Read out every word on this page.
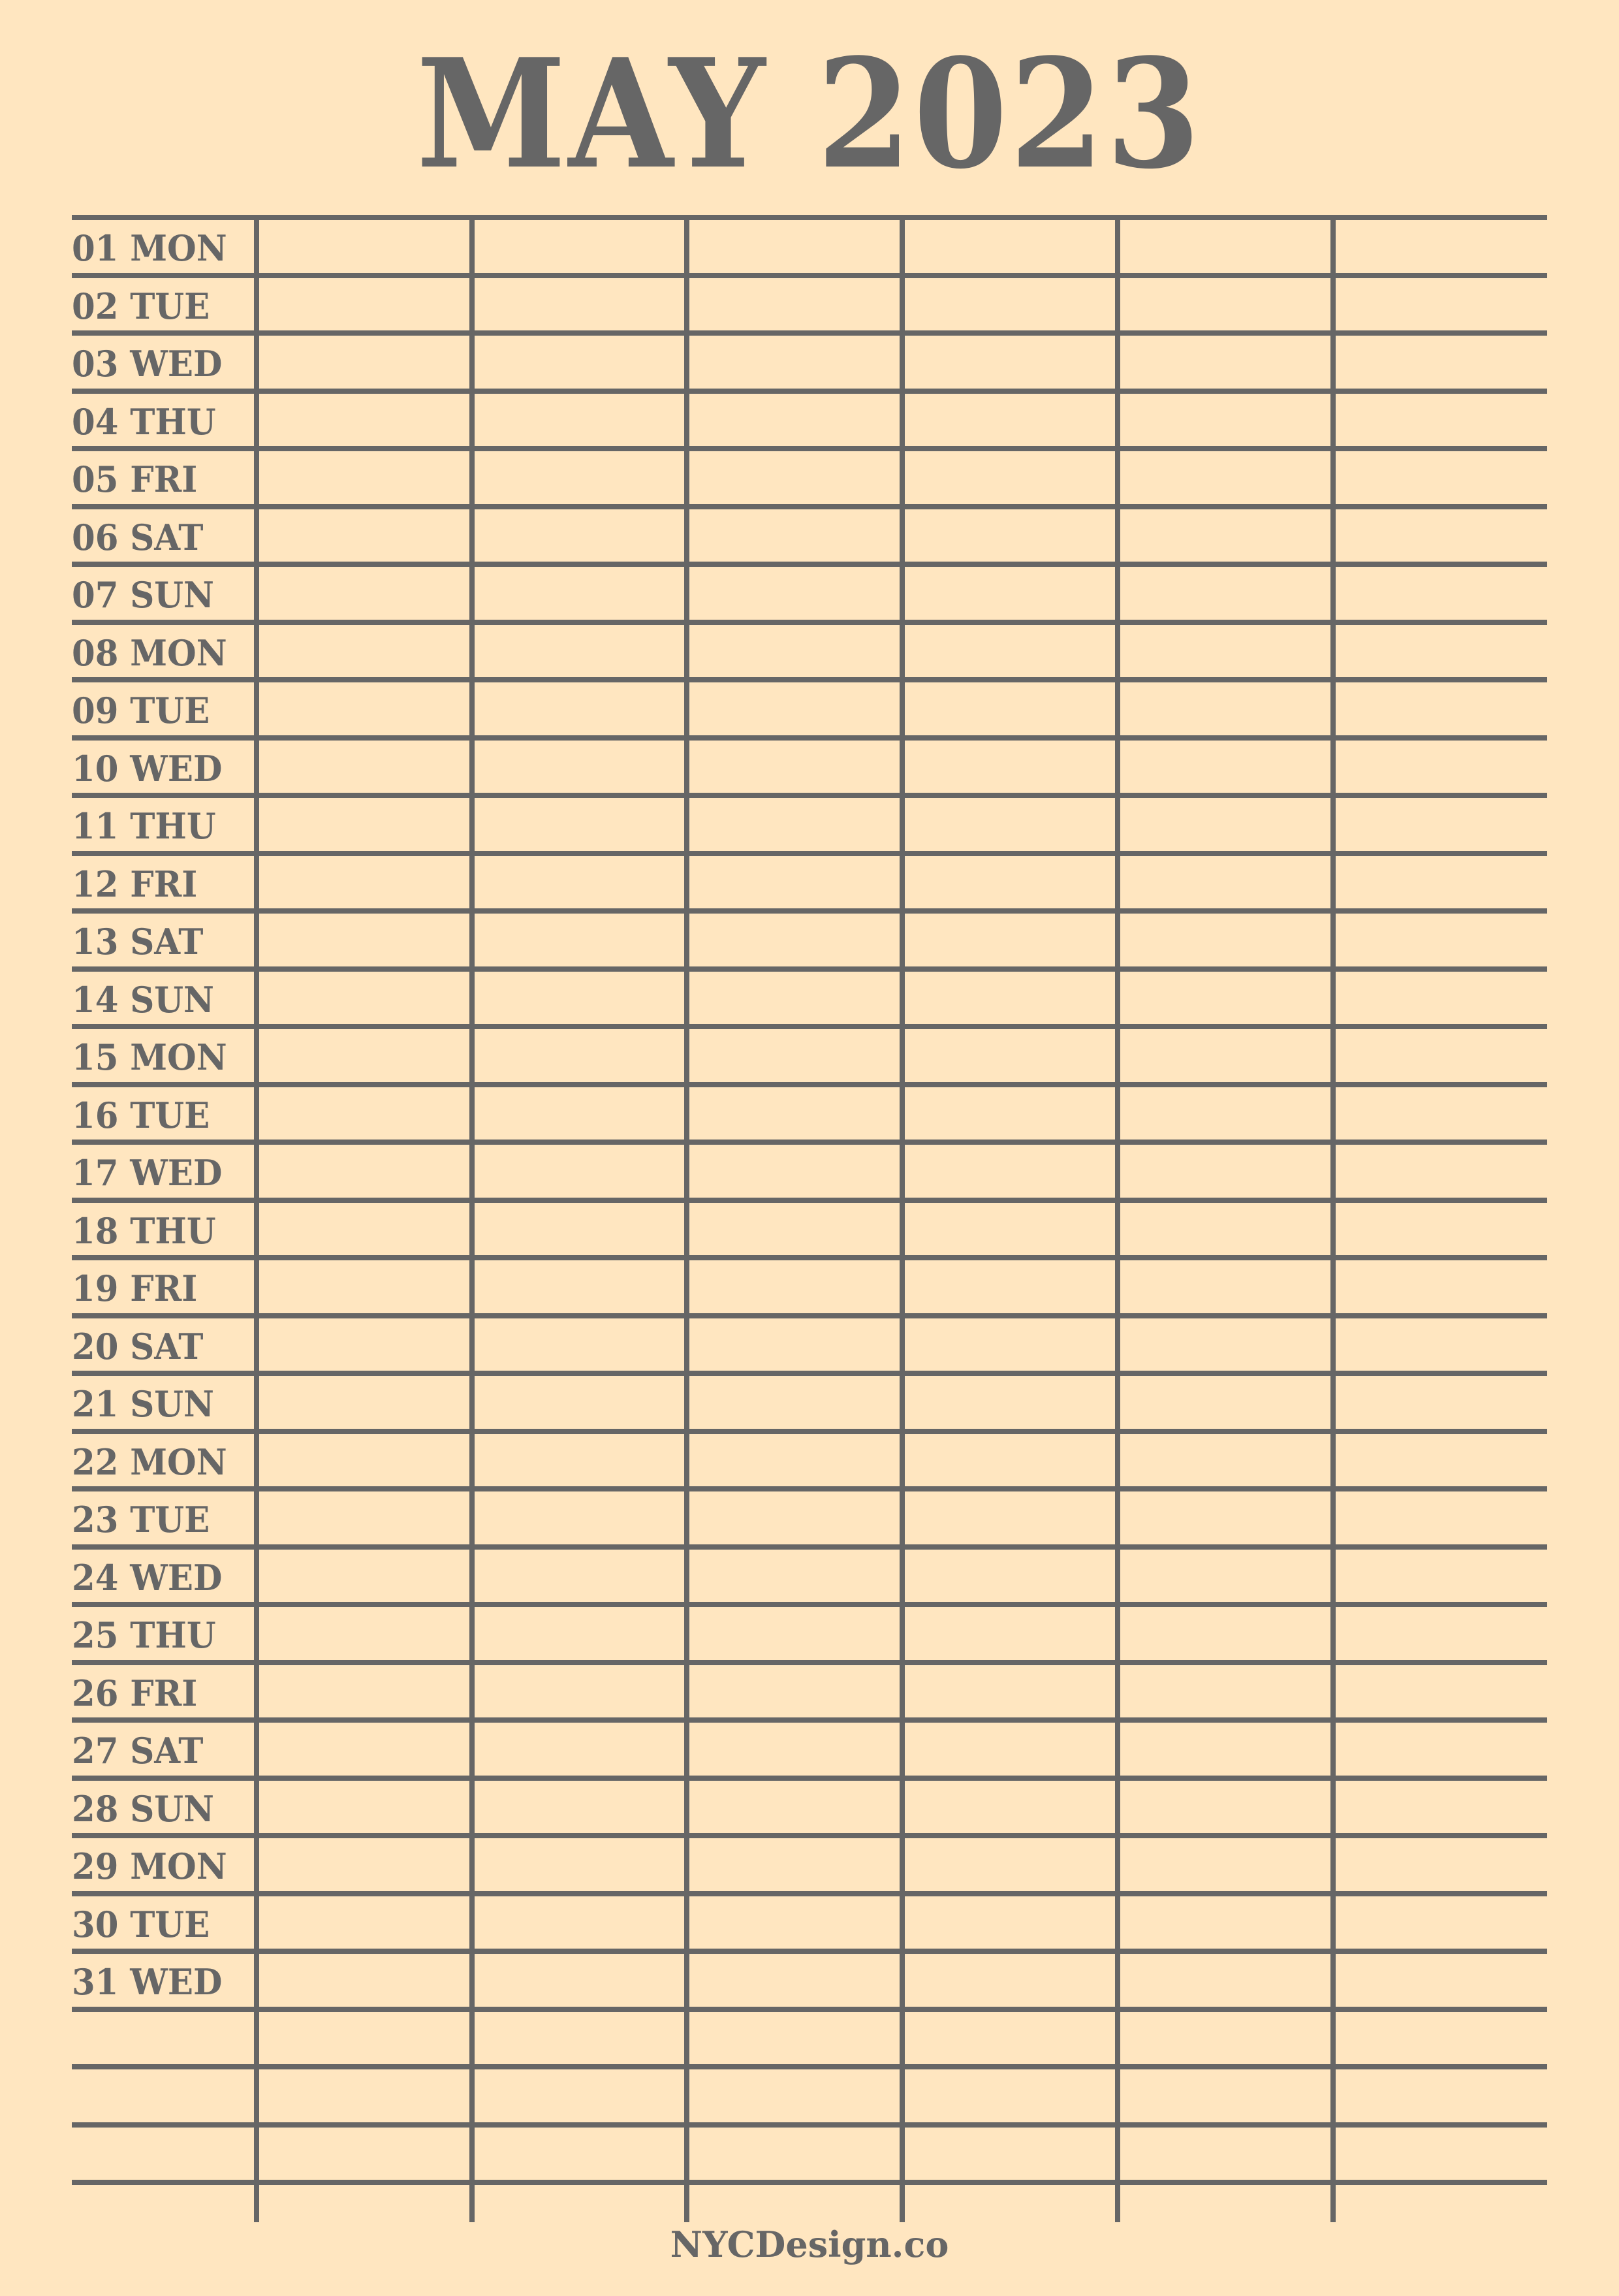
MAY 2023
01 MON
02 TUE
03 WED
04 THU
05 FRI
06 SAT
07 SUN
08 MON
09 TUE
10 WED
11 THU
12 FRI
13 SAT
14 SUN
15 MON
16 TUE
17 WED
18 THU
19 FRI
20 SAT
21 SUN
22 MON
23 TUE
24 WED
25 THU
26 FRI
27 SAT
28 SUN
29 MON
30 TUE
31 WED
NYCDesign.co
